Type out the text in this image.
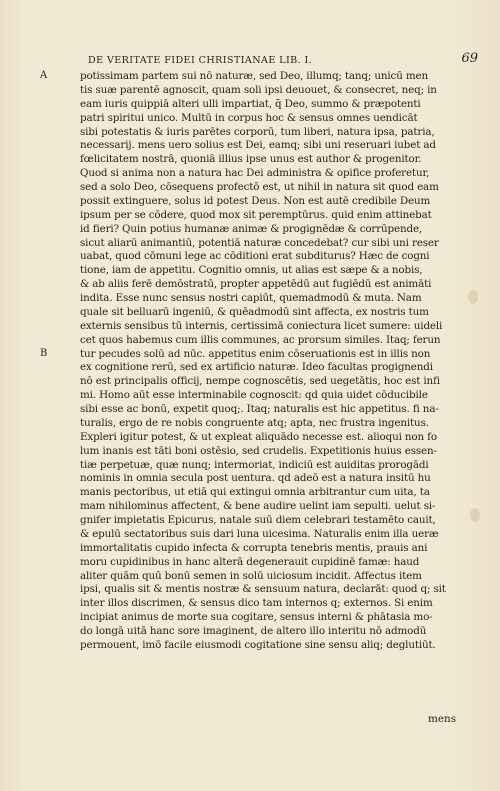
DE VERITATE FIDEI CHRISTIANAE LIB. I.	69
A
B
potissimam partem sui nō naturæ, sed Deo, illumq; tanq; unicū men
tis suæ parentē agnoscit, quam soli ipsi deuouet, & consecret, neq; in
eam iuris quippiā alteri ulli impartiat, q̄ Deo, summo & præpotenti
patri spiritui unico. Multū in corpus hoc & sensus omnes uendicāt
sibi potestatis & iuris parētes corporū, tum liberi, natura ipsa, patria,
necessarij. mens uero solius est Dei, eamq; sibi uni reseruari iubet ad
fœlicitatem nostrā, quoniā illius ipse unus est author & progenitor.
Quod si anima non a natura hac Dei administra & opifice proferetur,
sed a solo Deo, cōsequens profectō est, ut nihil in natura sit quod eam
possit extinguere, solus id potest Deus. Non est autē credibile Deum
ipsum per se cōdere, quod mox sit peremptūrus. quid enim attinebat
id fieri? Quin potius humanæ animæ & progignēdæ & corrūpende,
sicut aliarū animantiū, potentiā naturæ concedebat? cur sibi uni reser
uabat, quod cōmuni lege ac cōditioni erat subditurus? Hæc de cogni
tione, iam de appetitu. Cognitio omnis, ut alias est sæpe & a nobis,
& ab aliis ferē demōstratū, propter appetēdū aut fugiēdū est animāti
indita. Esse nunc sensus nostri capiūt, quemadmodū & muta. Nam
quale sit belluarū ingeniū, & quēadmodū sint affecta, ex nostris tum
externis sensibus tū internis, certissimā coniectura licet sumere: uideli
cet quos habemus cum illis communes, ac prorsum similes. Itaq; ferun
tur pecudes solū ad nūc. appetitus enim cōseruationis est in illis non
ex cognitione rerū, sed ex artificio naturæ. Ideo facultas progignendi
nō est principalis officij, nempe cognoscētis, sed uegetātis, hoc est infi
mi. Homo aūt esse interminabile cognoscit: qd quia uidet cōducibile
sibi esse ac bonū, expetit quoq;. Itaq; naturalis est hic appetitus. fi na-
turalis, ergo de re nobis congruente atq; apta, nec frustra ingenitus.
Expleri igitur potest, & ut expleat aliquādo necesse est. alioqui non fo
lum inanis est tāti boni ostēsio, sed crudelis. Expetitionis huius essen-
tiæ perpetuæ, quæ nunq; intermoriat, indiciū est auiditas prorogādi
nominis in omnia secula post uentura. qd adeō est a natura insitū hu
manis pectoribus, ut etiā qui extingui omnia arbitrantur cum uita, ta
mam nihilominus affectent, & bene audire uelint iam sepulti. uelut si-
gnifer impietatis Epicurus, natale suū diem celebrari testamēto cauit,
& epulū sectatoribus suis dari luna uicesima. Naturalis enim illa ueræ
immortalitatis cupido infecta & corrupta tenebris mentis, prauis ani
moru cupidinibus in hanc alterā degenerauit cupidinē famæ: haud
aliter quām quū bonū semen in solū uiciosum incidit. Affectus item
ipsi, qualis sit & mentis nostræ & sensuum natura, declarāt: quod q; sit
inter illos discrimen, & sensus dico tam internos q; externos. Si enim
incipiat animus de morte sua cogitare, sensus interni & phātasia mo-
do longā uitā hanc sore imaginent, de altero illo interitu nō admodū
permouent, imō facile eiusmodi cogitatione sine sensu aliq; deglutiūt.
mens
